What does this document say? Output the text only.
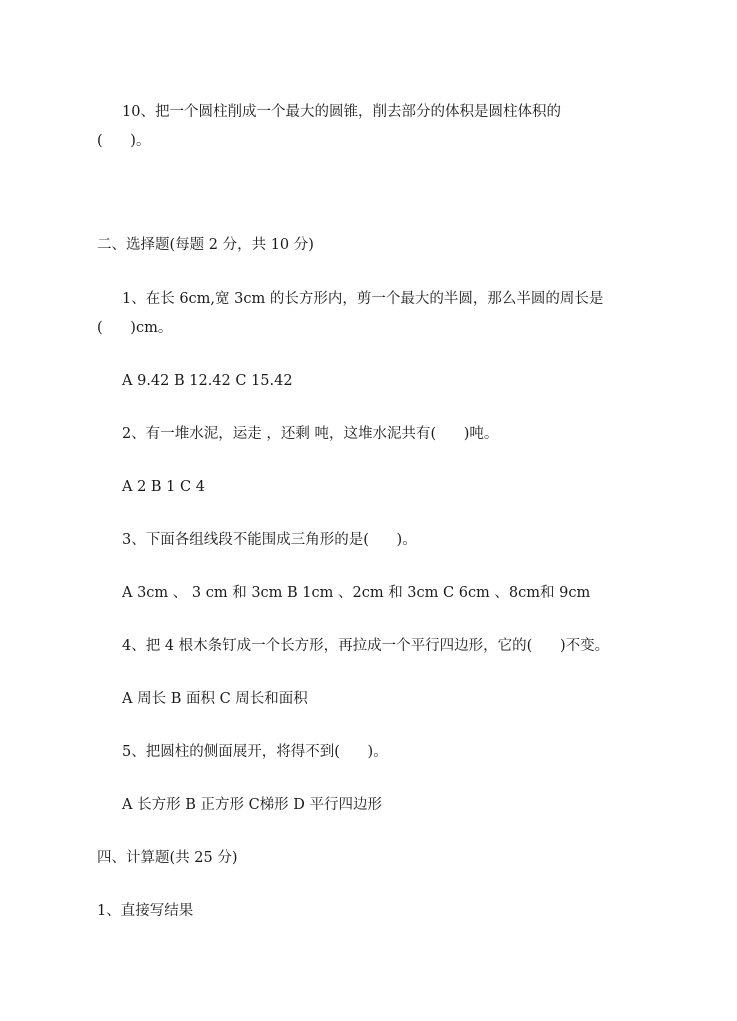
10、把一个圆柱削成一个最大的圆锥，削去部分的体积是圆柱体积的

(      )。

二、选择题(每题 2 分，共 10 分)

1、在长 6cm,宽 3cm 的长方形内，剪一个最大的半圆，那么半圆的周长是

(      )cm。

A 9.42 B 12.42 C 15.42

2、有一堆水泥，运走 ，还剩 吨，这堆水泥共有(      )吨。

A 2 B 1 C 4

3、下面各组线段不能围成三角形的是(      )。

A 3cm 、 3 cm 和 3cm B 1cm 、2cm 和 3cm C 6cm 、8cm和 9cm

4、把 4 根木条钉成一个长方形，再拉成一个平行四边形，它的(      )不变。

A 周长 B 面积 C 周长和面积

5、把圆柱的侧面展开，将得不到(      )。

A 长方形 B 正方形 C梯形 D 平行四边形

四、计算题(共 25 分)

1、直接写结果
